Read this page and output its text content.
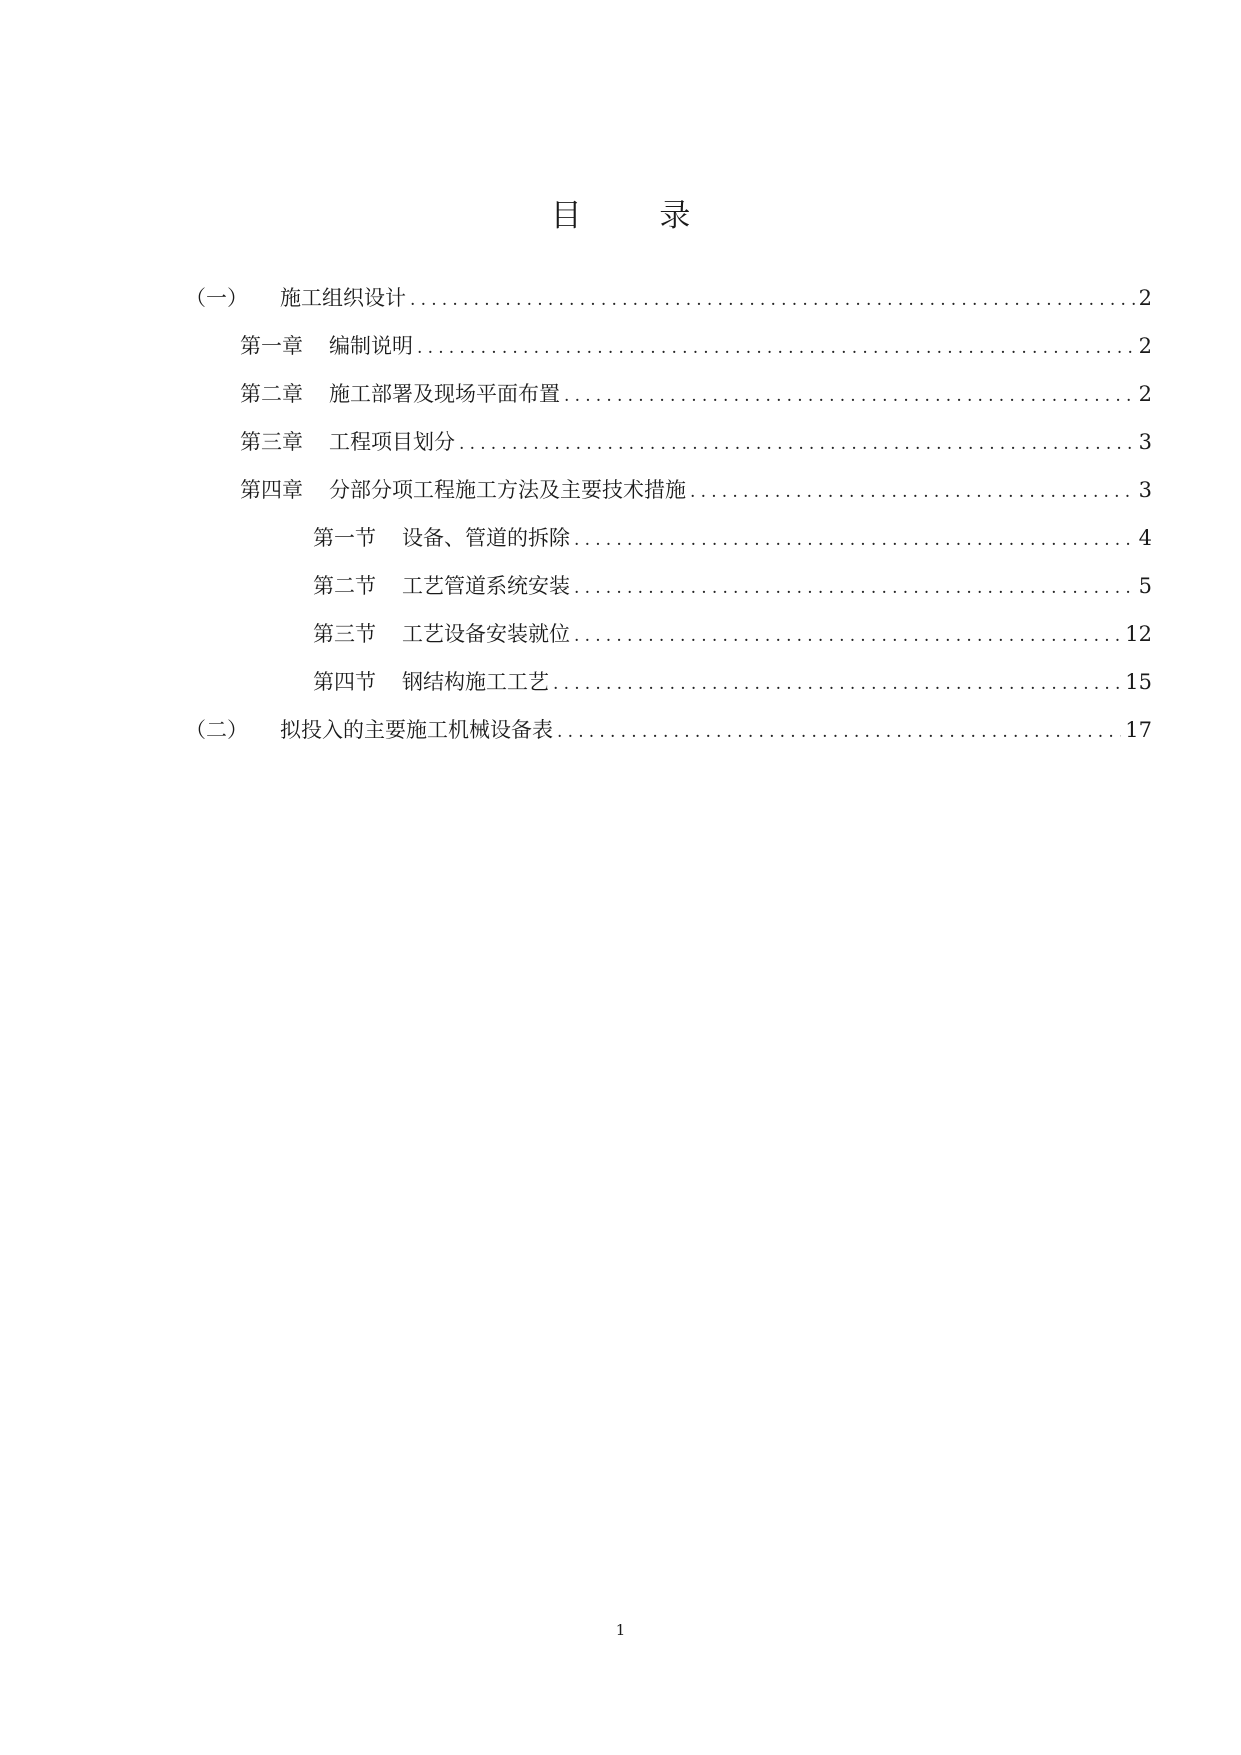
目 录
（一） 施工组织设计 .....	2
第一章 编制说明 .....	2
第二章 施工部署及现场平面布置 .....	2
第三章 工程项目划分 .....	3
第四章 分部分项工程施工方法及主要技术措施 .....	3
第一节 设备、管道的拆除 .....	4
第二节 工艺管道系统安装 .....	5
第三节 工艺设备安装就位 .....	12
第四节 钢结构施工工艺 .....	15
（二） 拟投入的主要施工机械设备表 .....	17
1
